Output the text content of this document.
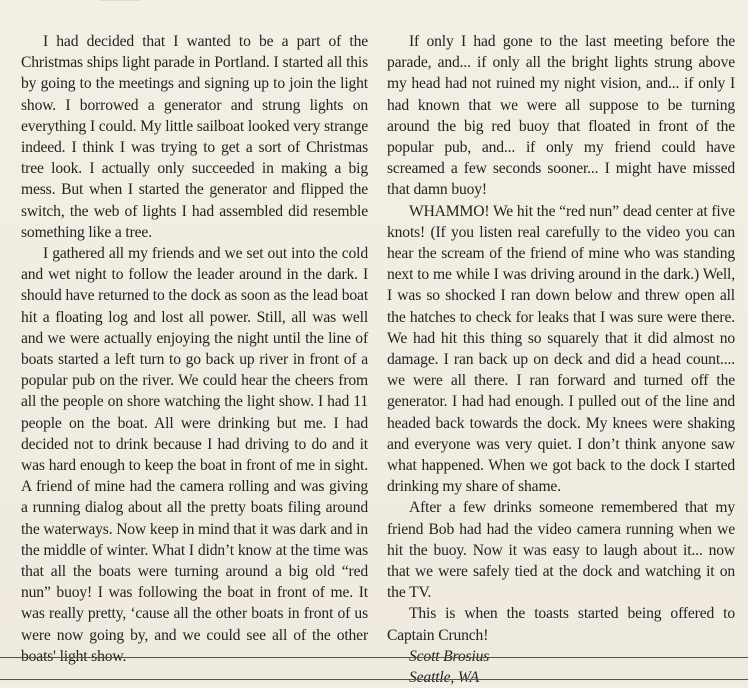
I had decided that I wanted to be a part of the Christmas ships light parade in Portland. I started all this by going to the meetings and signing up to join the light show. I borrowed a generator and strung lights on everything I could. My little sailboat looked very strange indeed. I think I was trying to get a sort of Christmas tree look. I actually only succeeded in making a big mess. But when I started the generator and flipped the switch, the web of lights I had assembled did resemble something like a tree.

I gathered all my friends and we set out into the cold and wet night to follow the leader around in the dark. I should have returned to the dock as soon as the lead boat hit a floating log and lost all power. Still, all was well and we were actually enjoying the night until the line of boats started a left turn to go back up river in front of a popular pub on the river. We could hear the cheers from all the people on shore watching the light show. I had 11 people on the boat. All were drinking but me. I had decided not to drink because I had driving to do and it was hard enough to keep the boat in front of me in sight. A friend of mine had the camera rolling and was giving a running dialog about all the pretty boats filing around the waterways. Now keep in mind that it was dark and in the middle of winter. What I didn’t know at the time was that all the boats were turning around a big old “red nun” buoy! I was following the boat in front of me. It was really pretty, ‘cause all the other boats in front of us were now going by, and we could see all of the other boats' light show.

If only I had gone to the last meeting before the parade, and... if only all the bright lights strung above my head had not ruined my night vision, and... if only I had known that we were all suppose to be turning around the big red buoy that floated in front of the popular pub, and... if only my friend could have screamed a few seconds sooner... I might have missed that damn buoy!

WHAMMO! We hit the “red nun” dead center at five knots! (If you listen real carefully to the video you can hear the scream of the friend of mine who was standing next to me while I was driving around in the dark.) Well, I was so shocked I ran down below and threw open all the hatches to check for leaks that I was sure were there. We had hit this thing so squarely that it did almost no damage. I ran back up on deck and did a head count.... we were all there. I ran forward and turned off the generator. I had had enough. I pulled out of the line and headed back towards the dock. My knees were shaking and everyone was very quiet. I don’t think anyone saw what happened. When we got back to the dock I started drinking my share of shame.

After a few drinks someone remembered that my friend Bob had had the video camera running when we hit the buoy. Now it was easy to laugh about it... now that we were safely tied at the dock and watching it on the TV.

This is when the toasts started being offered to Captain Crunch!

Scott Brosius

Seattle, WA
